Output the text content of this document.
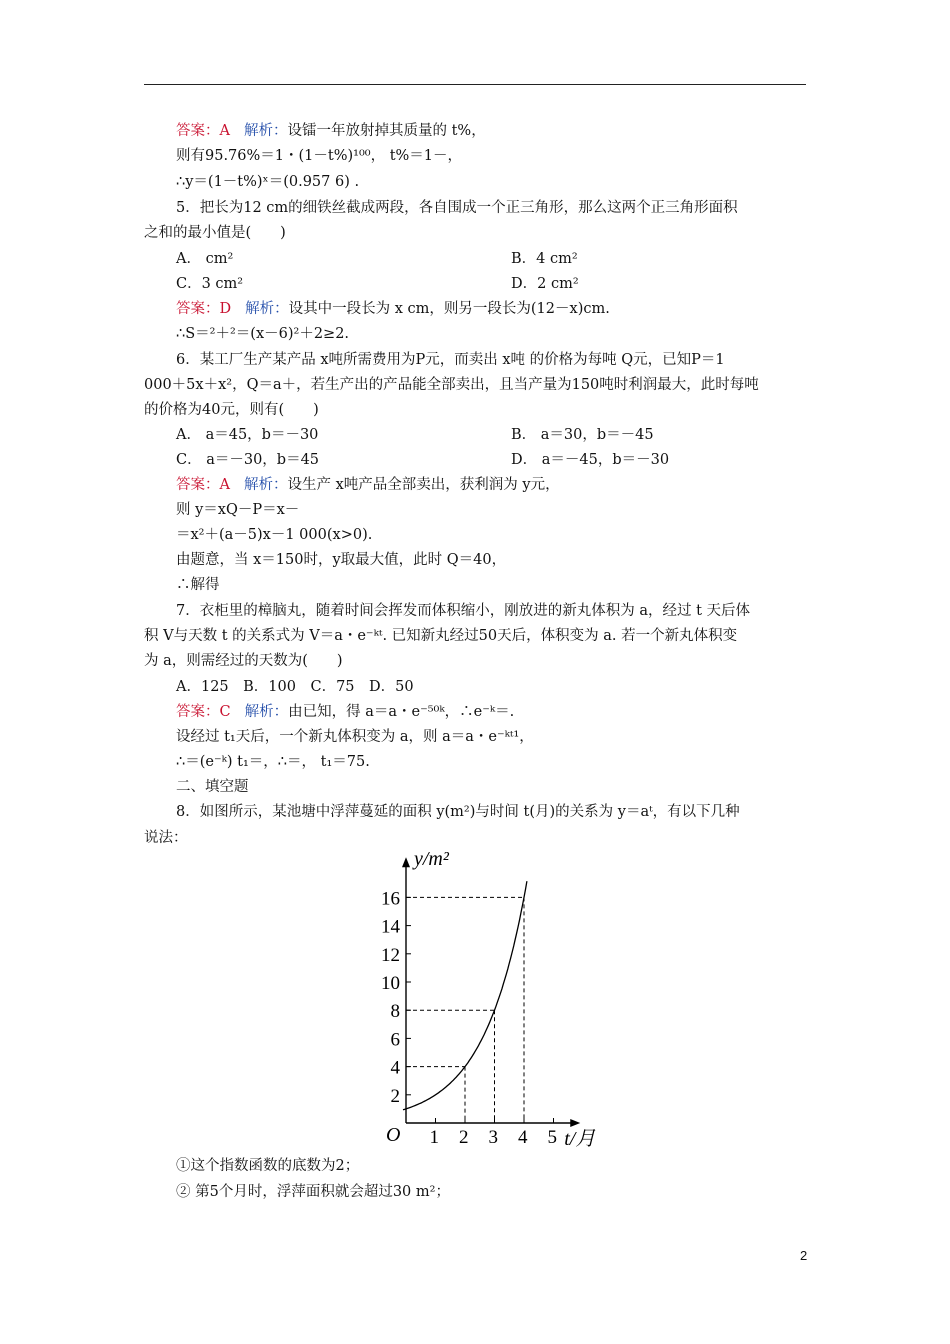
答案：A 解析：设镭一年放射掉其质量的 t%，
则有95.76%＝1・(1－t%)¹⁰⁰， t%＝1－，
∴y＝(1－t%)ˣ＝(0.957 6) .
5．把长为12 cm的细铁丝截成两段，各自围成一个正三角形，那么这两个正三角形面积
之和的最小值是(　　)
A． cm²	B．4 cm²
C．3 cm²	D．2 cm²
答案：D 解析：设其中一段长为 x cm，则另一段长为(12－x)cm.
∴S＝²＋²＝(x－6)²＋2≥2.
6．某工厂生产某产品 x吨所需费用为P元，而卖出 x吨 的价格为每吨 Q元，已知P＝1
000＋5x＋x²，Q＝a＋，若生产出的产品能全部卖出，且当产量为150吨时利润最大，此时每吨
的价格为40元，则有(　　)
A． a＝45，b＝－30	B． a＝30，b＝－45
C． a＝－30，b＝45	D． a＝－45，b＝－30
答案：A 解析：设生产 x吨产品全部卖出，获利润为 y元，
则 y＝xQ－P＝x－
＝x²＋(a－5)x－1 000(x>0).
由题意，当 x＝150时，y取最大值，此时 Q＝40，
∴解得
7．衣柜里的樟脑丸，随着时间会挥发而体积缩小，刚放进的新丸体积为 a，经过 t 天后体
积 V与天数 t 的关系式为 V＝a・e⁻ᵏᵗ. 已知新丸经过50天后，体积变为 a. 若一个新丸体积变
为 a，则需经过的天数为(　　)
A．125　B．100　C．75　D．50
答案：C 解析：由已知，得 a＝a・e⁻⁵⁰ᵏ，∴e⁻ᵏ＝.
设经过 t₁天后，一个新丸体积变为 a，则 a＝a・e⁻ᵏᵗ¹，
∴＝(e⁻ᵏ) t₁＝，∴＝， t₁＝75.
二、填空题
8．如图所示，某池塘中浮萍蔓延的面积 y(m²)与时间 t(月)的关系为 y＝aᵗ，有以下几种
说法：
y/m²
t/月
O 1 2 3 4 5
2
4
6
8
10
12
14
16
①这个指数函数的底数为2；
② 第5个月时，浮萍面积就会超过30 m²；
2
